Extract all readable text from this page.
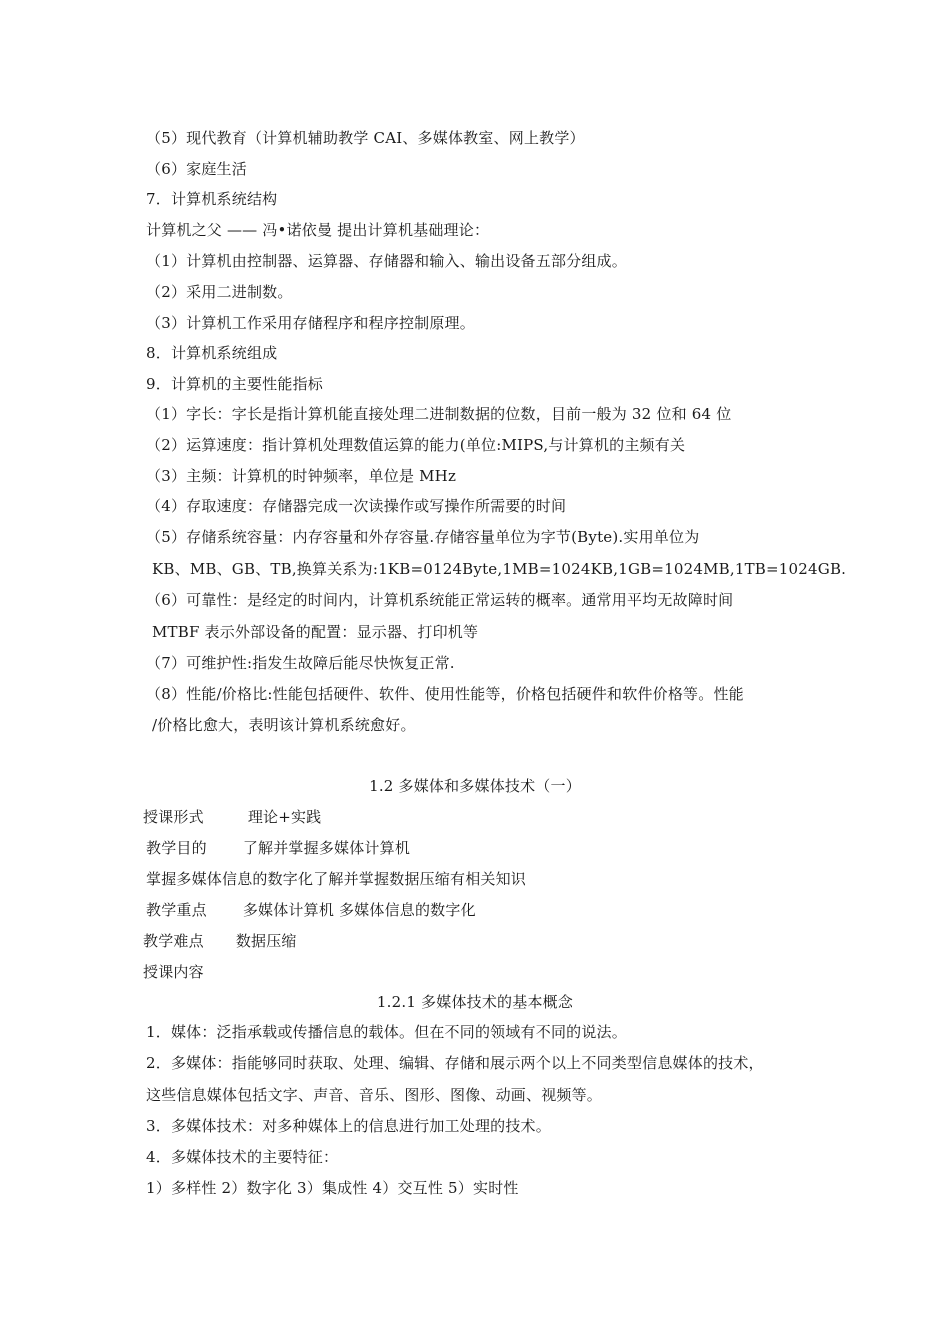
（5）现代教育（计算机辅助教学 CAI、多媒体教室、网上教学）
（6）家庭生活
7．计算机系统结构
计算机之父 —— 冯•诺依曼 提出计算机基础理论：
（1）计算机由控制器、运算器、存储器和输入、输出设备五部分组成。
（2）采用二进制数。
（3）计算机工作采用存储程序和程序控制原理。
8．计算机系统组成
9．计算机的主要性能指标
（1）字长：字长是指计算机能直接处理二进制数据的位数，目前一般为 32 位和 64 位
（2）运算速度：指计算机处理数值运算的能力(单位:MIPS,与计算机的主频有关
（3）主频：计算机的时钟频率，单位是 MHz
（4）存取速度：存储器完成一次读操作或写操作所需要的时间
（5）存储系统容量：内存容量和外存容量.存储容量单位为字节(Byte).实用单位为
KB、MB、GB、TB,换算关系为:1KB=0124Byte,1MB=1024KB,1GB=1024MB,1TB=1024GB.
（6）可靠性：是经定的时间内，计算机系统能正常运转的概率。通常用平均无故障时间
MTBF 表示外部设备的配置：显示器、打印机等
（7）可维护性:指发生故障后能尽快恢复正常.
（8）性能/价格比:性能包括硬件、软件、使用性能等，价格包括硬件和软件价格等。性能
/价格比愈大，表明该计算机系统愈好。
1.2 多媒体和多媒体技术（一）
授课形式	理论+实践
教学目的 了解并掌握多媒体计算机
掌握多媒体信息的数字化了解并掌握数据压缩有相关知识
教学重点 多媒体计算机 多媒体信息的数字化
教学难点 数据压缩
授课内容
1.2.1 多媒体技术的基本概念
1．媒体：泛指承载或传播信息的载体。但在不同的领域有不同的说法。
2．多媒体：指能够同时获取、处理、编辑、存储和展示两个以上不同类型信息媒体的技术，
这些信息媒体包括文字、声音、音乐、图形、图像、动画、视频等。
3．多媒体技术：对多种媒体上的信息进行加工处理的技术。
4．多媒体技术的主要特征：
1）多样性 2）数字化 3）集成性 4）交互性 5）实时性
